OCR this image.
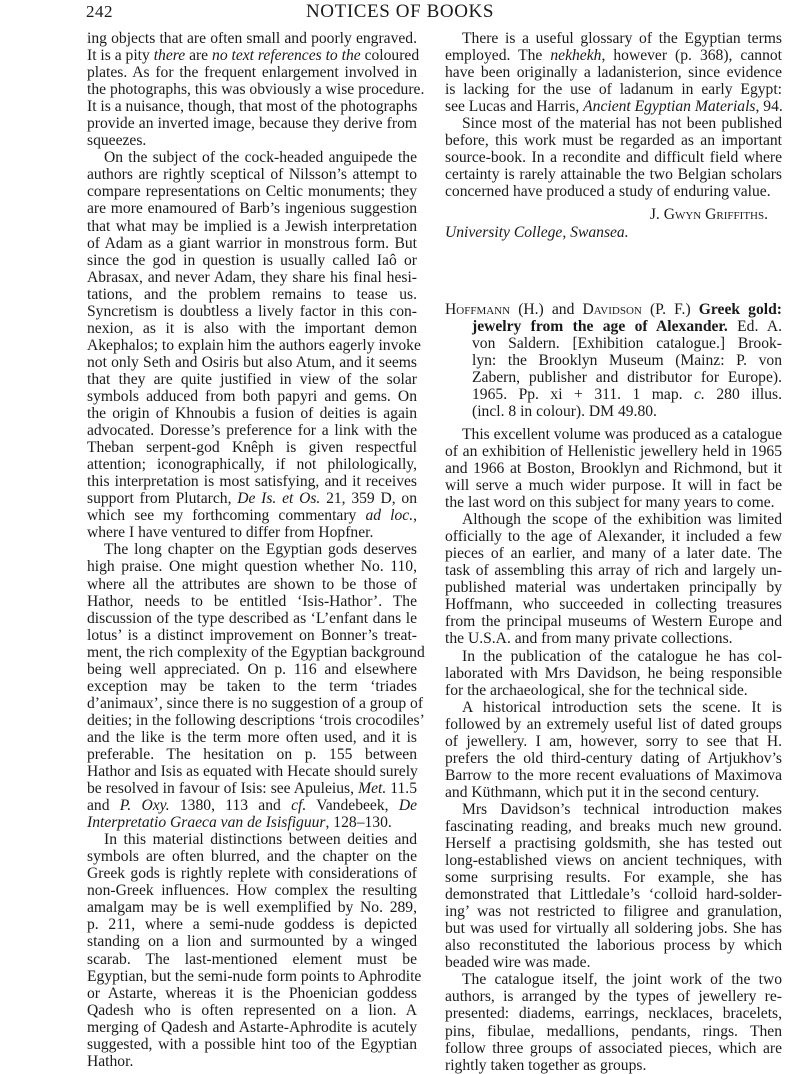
242	NOTICES OF BOOKS
ing objects that are often small and poorly engraved.
It is a pity there are no text references to the coloured
plates. As for the frequent enlargement involved in
the photographs, this was obviously a wise procedure.
It is a nuisance, though, that most of the photographs
provide an inverted image, because they derive from
squeezes.
On the subject of the cock-headed anguipede the
authors are rightly sceptical of Nilsson’s attempt to
compare representations on Celtic monuments; they
are more enamoured of Barb’s ingenious suggestion
that what may be implied is a Jewish interpretation
of Adam as a giant warrior in monstrous form. But
since the god in question is usually called Iaô or
Abrasax, and never Adam, they share his final hesi-
tations, and the problem remains to tease us.
Syncretism is doubtless a lively factor in this con-
nexion, as it is also with the important demon
Akephalos; to explain him the authors eagerly invoke
not only Seth and Osiris but also Atum, and it seems
that they are quite justified in view of the solar
symbols adduced from both papyri and gems. On
the origin of Khnoubis a fusion of deities is again
advocated. Doresse’s preference for a link with the
Theban serpent-god Knêph is given respectful
attention; iconographically, if not philologically,
this interpretation is most satisfying, and it receives
support from Plutarch, De Is. et Os. 21, 359 D, on
which see my forthcoming commentary ad loc.,
where I have ventured to differ from Hopfner.
The long chapter on the Egyptian gods deserves
high praise. One might question whether No. 110,
where all the attributes are shown to be those of
Hathor, needs to be entitled ‘Isis-Hathor’. The
discussion of the type described as ‘L’enfant dans le
lotus’ is a distinct improvement on Bonner’s treat-
ment, the rich complexity of the Egyptian background
being well appreciated. On p. 116 and elsewhere
exception may be taken to the term ‘triades
d’animaux’, since there is no suggestion of a group of
deities; in the following descriptions ‘trois crocodiles’
and the like is the term more often used, and it is
preferable. The hesitation on p. 155 between
Hathor and Isis as equated with Hecate should surely
be resolved in favour of Isis: see Apuleius, Met. 11.5
and P. Oxy. 1380, 113 and cf. Vandebeek, De
Interpretatio Graeca van de Isisfiguur, 128–130.
In this material distinctions between deities and
symbols are often blurred, and the chapter on the
Greek gods is rightly replete with considerations of
non-Greek influences. How complex the resulting
amalgam may be is well exemplified by No. 289,
p. 211, where a semi-nude goddess is depicted
standing on a lion and surmounted by a winged
scarab. The last-mentioned element must be
Egyptian, but the semi-nude form points to Aphrodite
or Astarte, whereas it is the Phoenician goddess
Qadesh who is often represented on a lion. A
merging of Qadesh and Astarte-Aphrodite is acutely
suggested, with a possible hint too of the Egyptian
Hathor.
There is a useful glossary of the Egyptian terms
employed. The nekhekh, however (p. 368), cannot
have been originally a ladanisterion, since evidence
is lacking for the use of ladanum in early Egypt:
see Lucas and Harris, Ancient Egyptian Materials, 94.
Since most of the material has not been published
before, this work must be regarded as an important
source-book. In a recondite and difficult field where
certainty is rarely attainable the two Belgian scholars
concerned have produced a study of enduring value.
J. Gwyn Griffiths.
University College, Swansea.
Hoffmann (H.) and Davidson (P. F.) Greek gold:
jewelry from the age of Alexander. Ed. A.
von Saldern. [Exhibition catalogue.] Brook-
lyn: the Brooklyn Museum (Mainz: P. von
Zabern, publisher and distributor for Europe).
1965. Pp. xi + 311. 1 map. c. 280 illus.
(incl. 8 in colour). DM 49.80.
This excellent volume was produced as a catalogue
of an exhibition of Hellenistic jewellery held in 1965
and 1966 at Boston, Brooklyn and Richmond, but it
will serve a much wider purpose. It will in fact be
the last word on this subject for many years to come.
Although the scope of the exhibition was limited
officially to the age of Alexander, it included a few
pieces of an earlier, and many of a later date. The
task of assembling this array of rich and largely un-
published material was undertaken principally by
Hoffmann, who succeeded in collecting treasures
from the principal museums of Western Europe and
the U.S.A. and from many private collections.
In the publication of the catalogue he has col-
laborated with Mrs Davidson, he being responsible
for the archaeological, she for the technical side.
A historical introduction sets the scene. It is
followed by an extremely useful list of dated groups
of jewellery. I am, however, sorry to see that H.
prefers the old third-century dating of Artjukhov’s
Barrow to the more recent evaluations of Maximova
and Küthmann, which put it in the second century.
Mrs Davidson’s technical introduction makes
fascinating reading, and breaks much new ground.
Herself a practising goldsmith, she has tested out
long-established views on ancient techniques, with
some surprising results. For example, she has
demonstrated that Littledale’s ‘colloid hard-solder-
ing’ was not restricted to filigree and granulation,
but was used for virtually all soldering jobs. She has
also reconstituted the laborious process by which
beaded wire was made.
The catalogue itself, the joint work of the two
authors, is arranged by the types of jewellery re-
presented: diadems, earrings, necklaces, bracelets,
pins, fibulae, medallions, pendants, rings. Then
follow three groups of associated pieces, which are
rightly taken together as groups.
